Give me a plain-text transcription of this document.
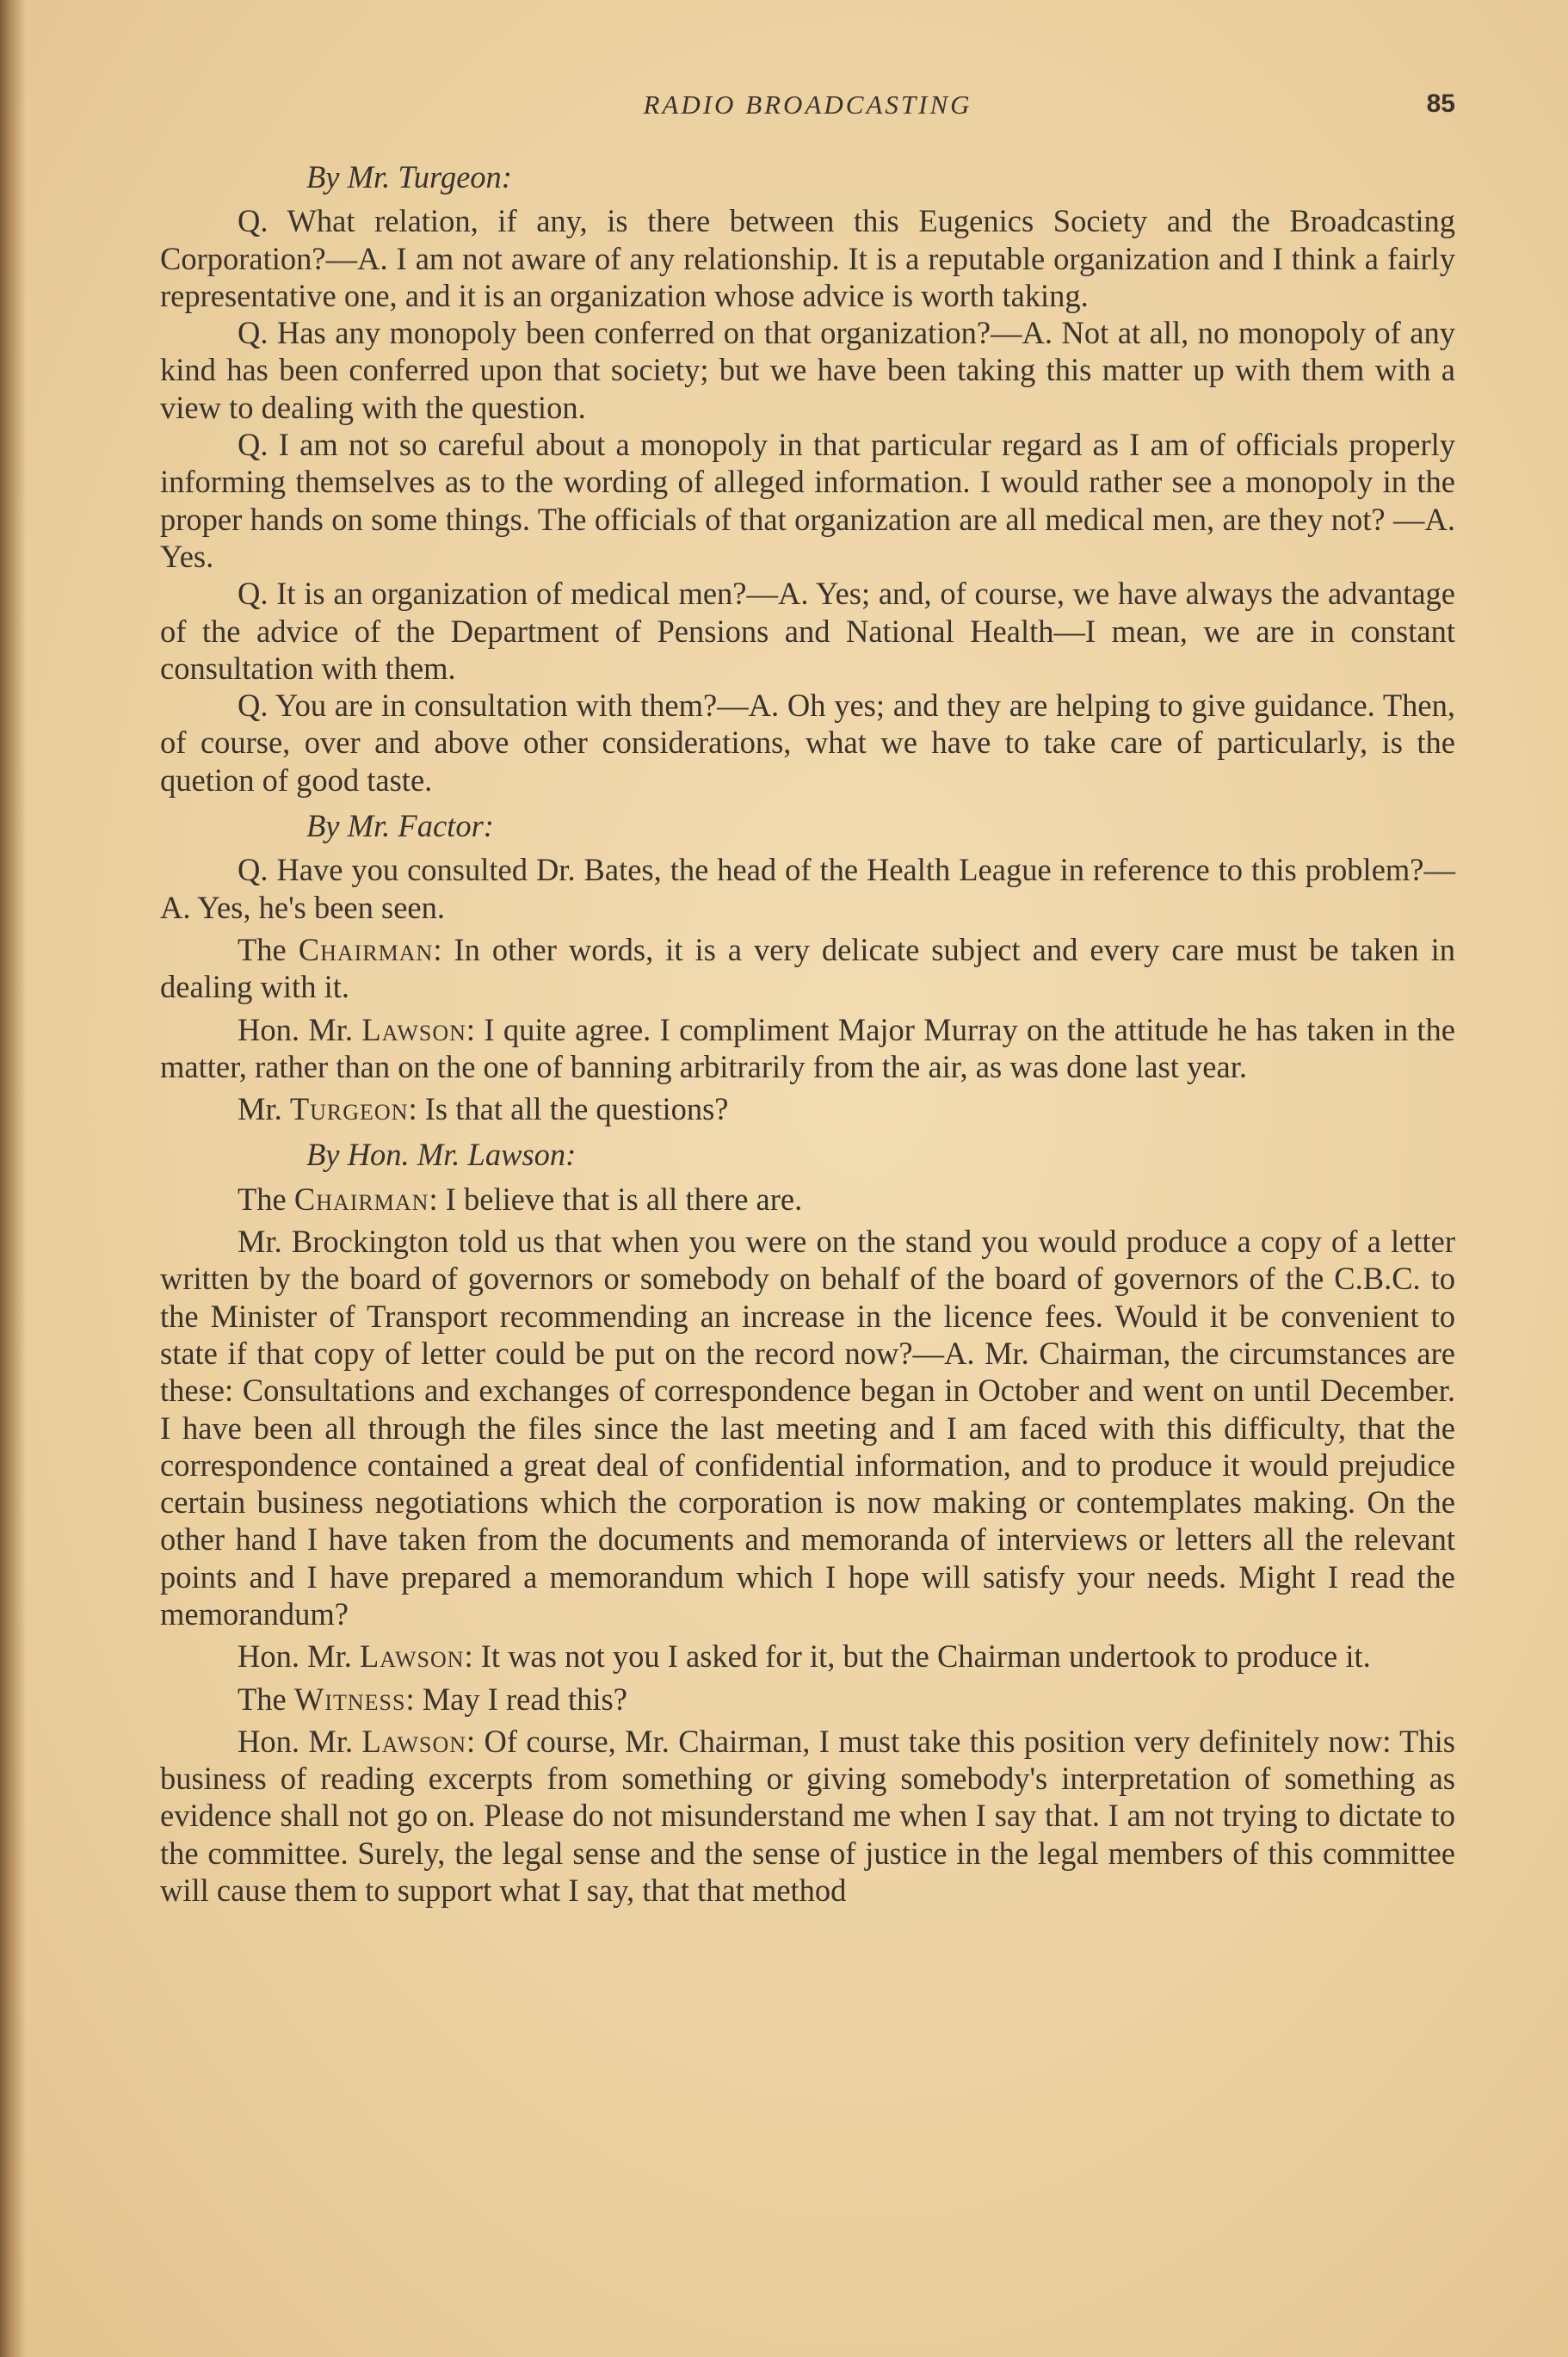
RADIO BROADCASTING	85

By Mr. Turgeon:

Q. What relation, if any, is there between this Eugenics Society and the Broadcasting Corporation?—A. I am not aware of any relationship. It is a reputable organization and I think a fairly representative one, and it is an organization whose advice is worth taking.

Q. Has any monopoly been conferred on that organization?—A. Not at all, no monopoly of any kind has been conferred upon that society; but we have been taking this matter up with them with a view to dealing with the question.

Q. I am not so careful about a monopoly in that particular regard as I am of officials properly informing themselves as to the wording of alleged information. I would rather see a monopoly in the proper hands on some things. The officials of that organization are all medical men, are they not? —A. Yes.

Q. It is an organization of medical men?—A. Yes; and, of course, we have always the advantage of the advice of the Department of Pensions and National Health—I mean, we are in constant consultation with them.

Q. You are in consultation with them?—A. Oh yes; and they are helping to give guidance. Then, of course, over and above other considerations, what we have to take care of particularly, is the quetion of good taste.

By Mr. Factor:

Q. Have you consulted Dr. Bates, the head of the Health League in reference to this problem?—A. Yes, he's been seen.

The Chairman: In other words, it is a very delicate subject and every care must be taken in dealing with it.

Hon. Mr. Lawson: I quite agree. I compliment Major Murray on the attitude he has taken in the matter, rather than on the one of banning arbitrarily from the air, as was done last year.

Mr. Turgeon: Is that all the questions?

By Hon. Mr. Lawson:

The Chairman: I believe that is all there are.

Mr. Brockington told us that when you were on the stand you would produce a copy of a letter written by the board of governors or somebody on behalf of the board of governors of the C.B.C. to the Minister of Transport recommending an increase in the licence fees. Would it be convenient to state if that copy of letter could be put on the record now?—A. Mr. Chairman, the circumstances are these: Consultations and exchanges of correspondence began in October and went on until December. I have been all through the files since the last meeting and I am faced with this difficulty, that the correspondence contained a great deal of confidential information, and to produce it would prejudice certain business negotiations which the corporation is now making or contemplates making. On the other hand I have taken from the documents and memoranda of interviews or letters all the relevant points and I have prepared a memorandum which I hope will satisfy your needs. Might I read the memorandum?

Hon. Mr. Lawson: It was not you I asked for it, but the Chairman undertook to produce it.

The Witness: May I read this?

Hon. Mr. Lawson: Of course, Mr. Chairman, I must take this position very definitely now: This business of reading excerpts from something or giving somebody's interpretation of something as evidence shall not go on. Please do not misunderstand me when I say that. I am not trying to dictate to the committee. Surely, the legal sense and the sense of justice in the legal members of this committee will cause them to support what I say, that that method
